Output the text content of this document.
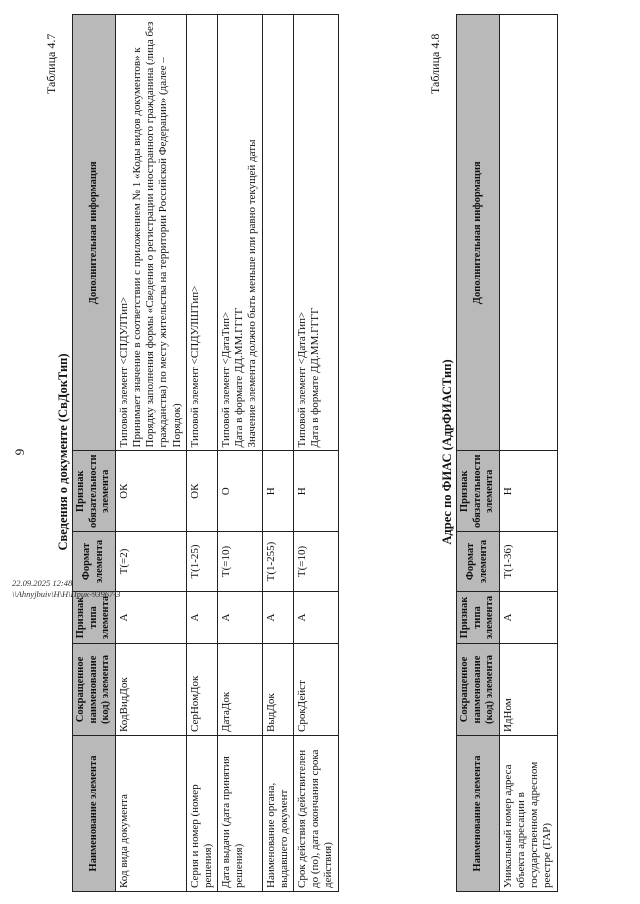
9
Таблица 4.7
Сведения о документе (СвДокТип)
Наименование элемента	Сокращенное наименование (код) элемента	Признак типа элемента	Формат элемента	Признак обязательности элемента	Дополнительная информация
Код вида документа	КодВидДок	А	T(=2)	ОК	Типовой элемент <СПДУЛТип>
Принимает значение в соответствии с приложением № 1 «Коды видов документов» к Порядку заполнения формы «Сведения о регистрации иностранного гражданина (лица без гражданства) по месту жительства на территории Российской Федерации» (далее – Порядок)
Серия и номер (номер решения)	СерНомДок	А	T(1-25)	ОК	Типовой элемент <СПДУЛШТип>
Дата выдачи (дата принятия решения)	ДатаДок	А	T(=10)	О	Типовой элемент <ДатаТип>
Дата в формате ДД.ММ.ГГГГ
Значение элемента должно быть меньше или равно текущей даты
Наименование органа, выдавшего документ	ВыдДок	А	T(1-255)	Н	
Срок действия (действителен до (по), дата окончания срока действия)	СрокДейст	А	T(=10)	Н	Типовой элемент <ДатаТип>
Дата в формате ДД.ММ.ГГГГ
Таблица 4.8
Адрес по ФИАС (АдрФИАСТип)
Наименование элемента	Сокращенное наименование (код) элемента	Признак типа элемента	Формат элемента	Признак обязательности элемента	Дополнительная информация
Уникальный номер адреса объекта адресации в государственном адресном реестре (ГАР)	ИдНом	А	T(1-36)	Н	
22.09.2025 12:48
\\Ahnyjbuiv\Н\Н\Прик-93967-3
